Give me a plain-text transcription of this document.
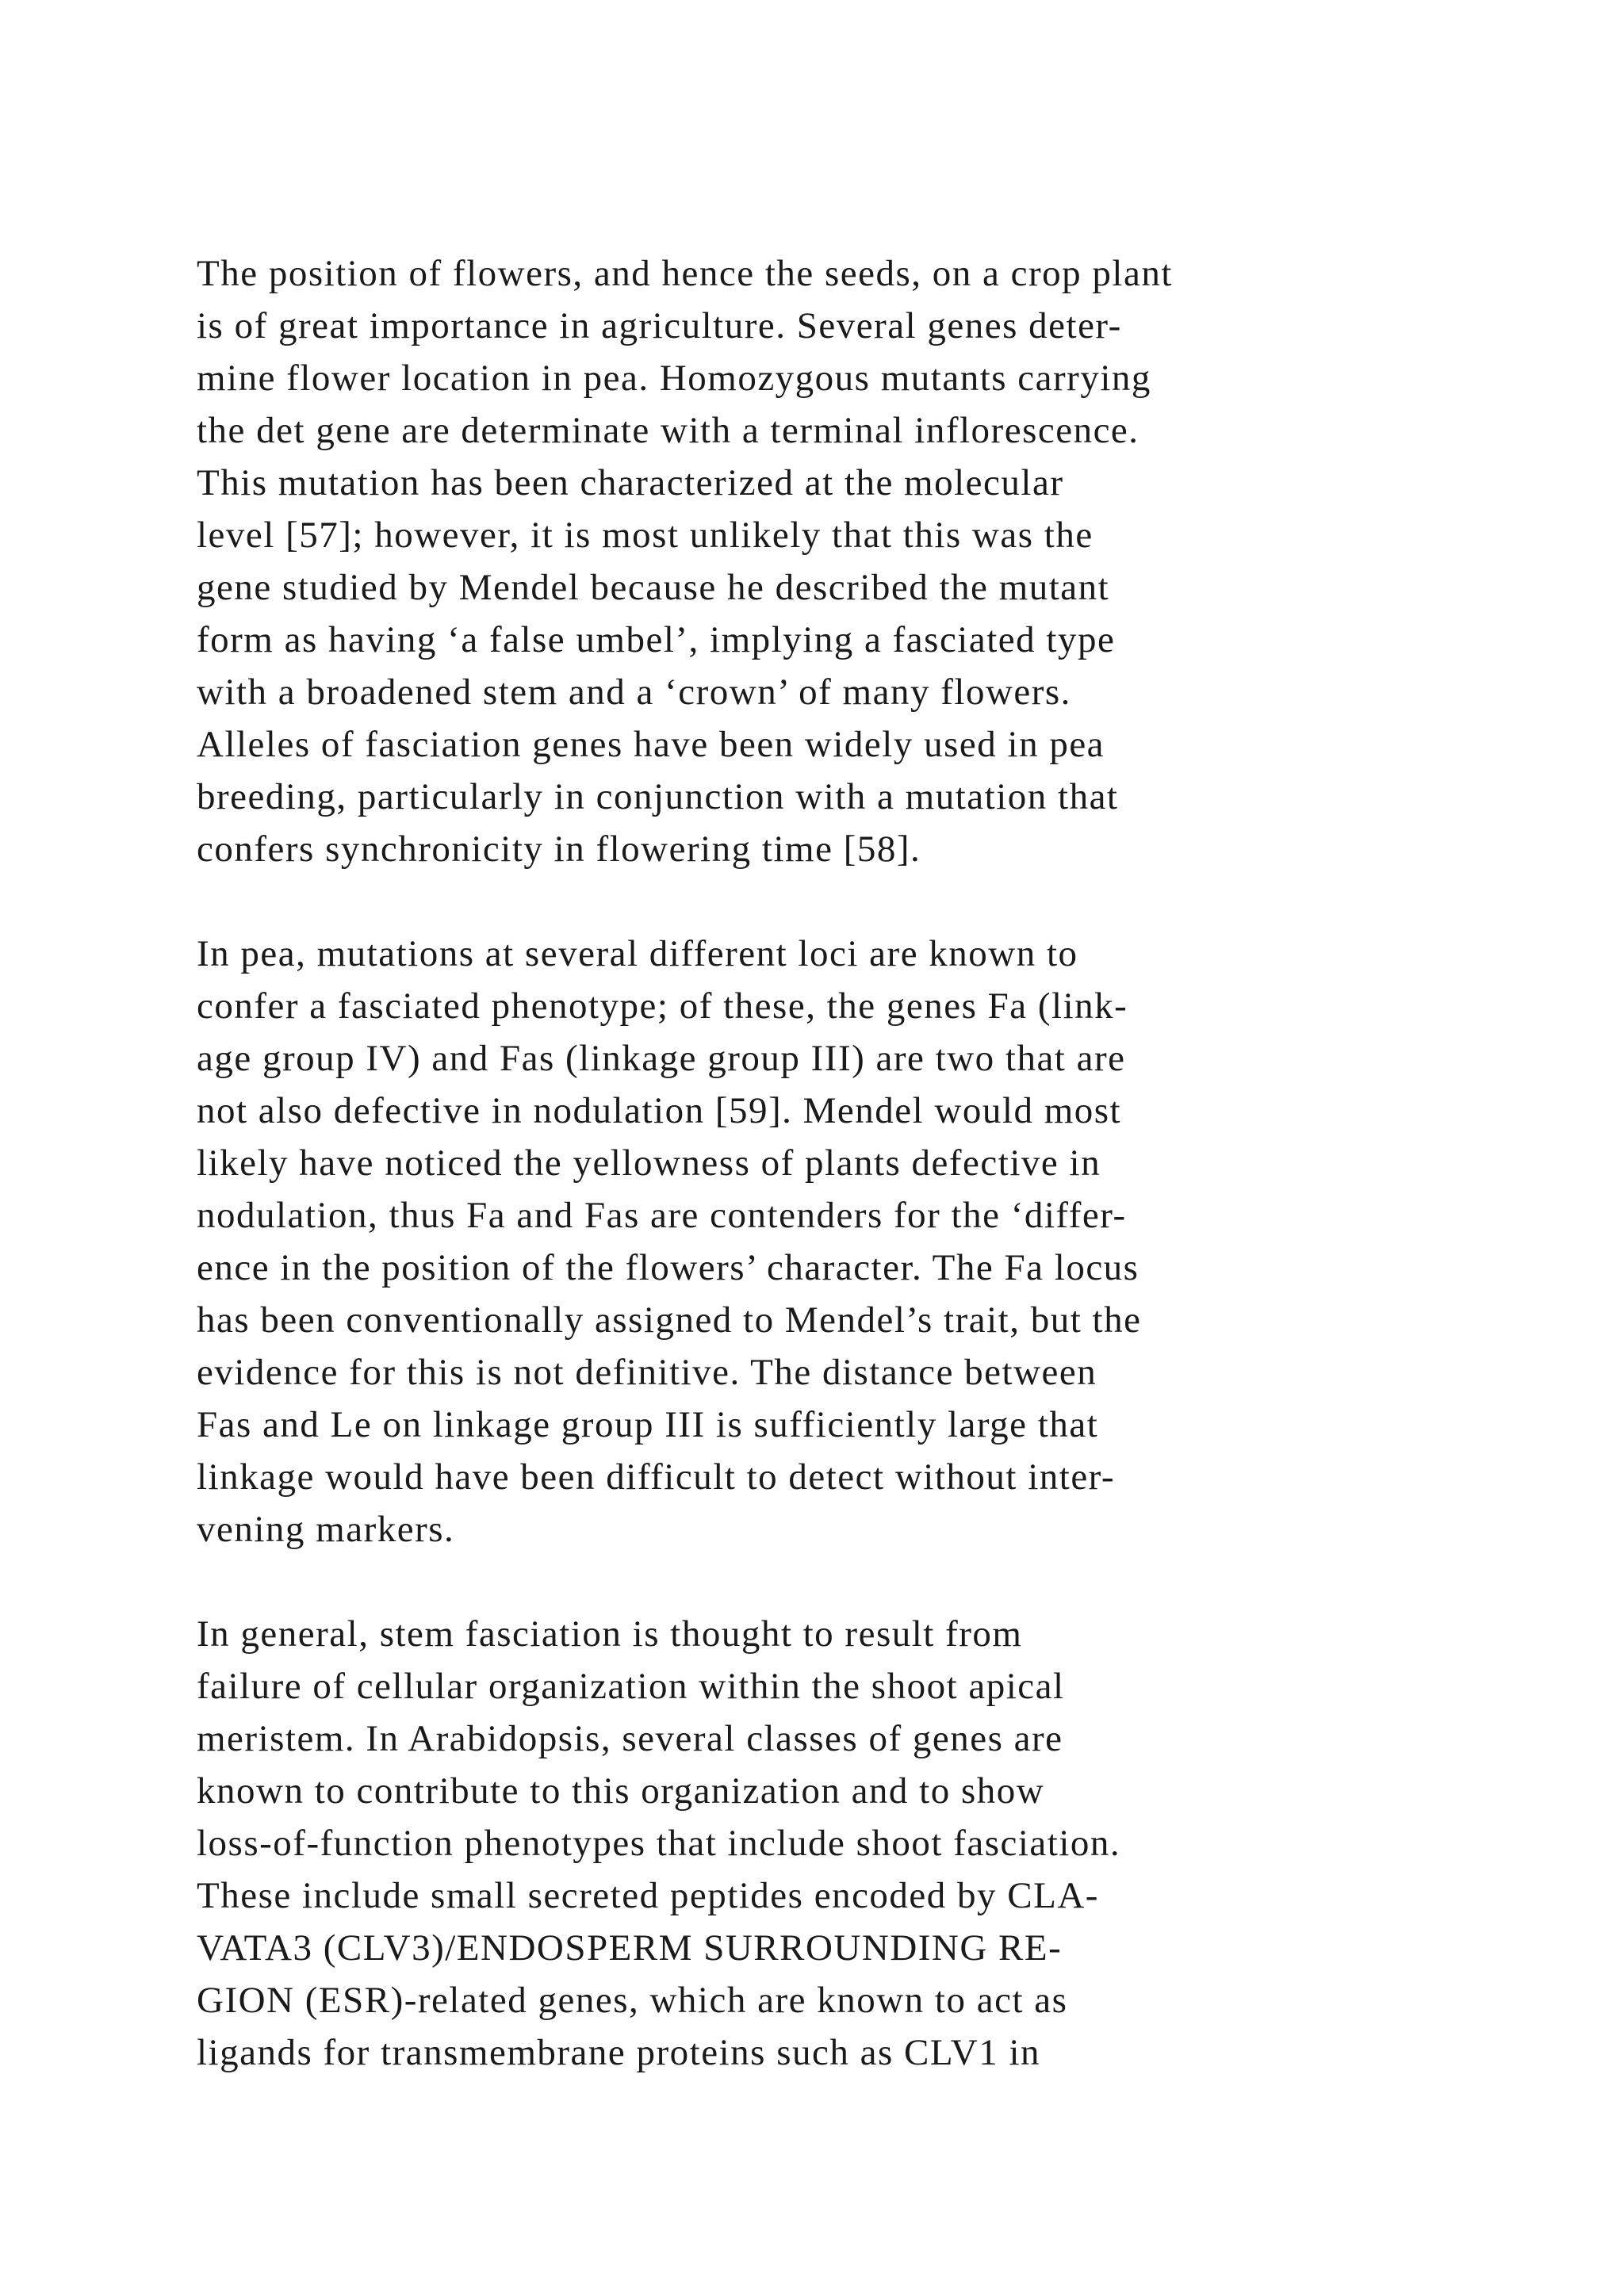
The position of flowers, and hence the seeds, on a crop plant
is of great importance in agriculture. Several genes deter-
mine flower location in pea. Homozygous mutants carrying
the det gene are determinate with a terminal inflorescence.
This mutation has been characterized at the molecular
level [57]; however, it is most unlikely that this was the
gene studied by Mendel because he described the mutant
form as having ‘a false umbel’, implying a fasciated type
with a broadened stem and a ‘crown’ of many flowers.
Alleles of fasciation genes have been widely used in pea
breeding, particularly in conjunction with a mutation that
confers synchronicity in flowering time [58].
In pea, mutations at several different loci are known to
confer a fasciated phenotype; of these, the genes Fa (link-
age group IV) and Fas (linkage group III) are two that are
not also defective in nodulation [59]. Mendel would most
likely have noticed the yellowness of plants defective in
nodulation, thus Fa and Fas are contenders for the ‘differ-
ence in the position of the flowers’ character. The Fa locus
has been conventionally assigned to Mendel’s trait, but the
evidence for this is not definitive. The distance between
Fas and Le on linkage group III is sufficiently large that
linkage would have been difficult to detect without inter-
vening markers.
In general, stem fasciation is thought to result from
failure of cellular organization within the shoot apical
meristem. In Arabidopsis, several classes of genes are
known to contribute to this organization and to show
loss-of-function phenotypes that include shoot fasciation.
These include small secreted peptides encoded by CLA-
VATA3 (CLV3)/ENDOSPERM SURROUNDING RE-
GION (ESR)-related genes, which are known to act as
ligands for transmembrane proteins such as CLV1 in
